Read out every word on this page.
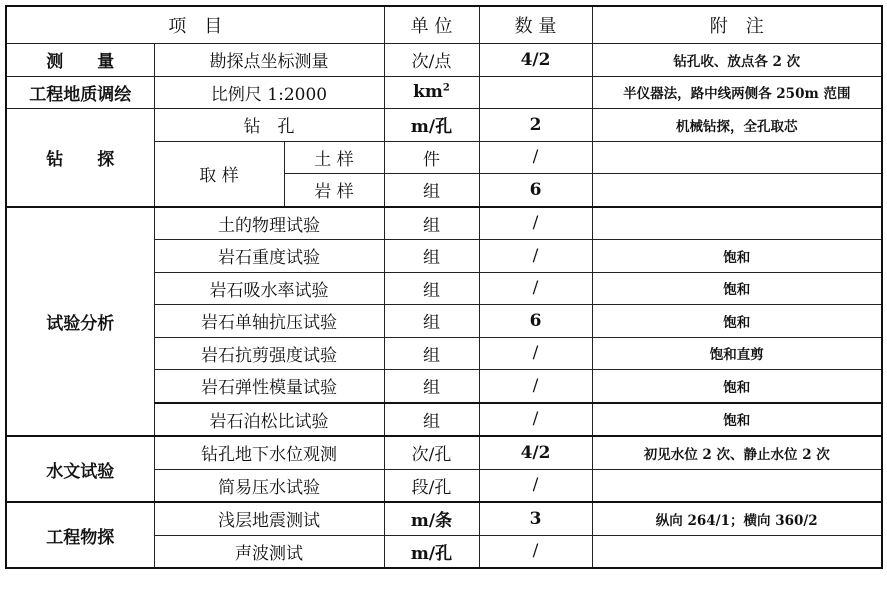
项　目			单 位	数 量	附　注
测　　量	勘探点坐标测量		次/点	4/2	钻孔收、放点各 2 次
工程地质调绘	比例尺 1:2000		$km^2$		半仪器法，路中线两侧各 250m 范围
钻　　探	钻　孔		m/孔	2	机械钻探，全孔取芯
	取 样	土 样	件	/	
		岩 样	组	6	
试验分析	土的物理试验		组	/	
	岩石重度试验		组	/	饱和
	岩石吸水率试验		组	/	饱和
	岩石单轴抗压试验		组	6	饱和
	岩石抗剪强度试验		组	/	饱和直剪
	岩石弹性模量试验		组	/	饱和
	岩石泊松比试验		组	/	饱和
水文试验	钻孔地下水位观测		次/孔	4/2	初见水位 2 次、静止水位 2 次
	简易压水试验		段/孔	/	
工程物探	浅层地震测试		m/条	3	纵向 264/1；横向 360/2
	声波测试		m/孔	/	
